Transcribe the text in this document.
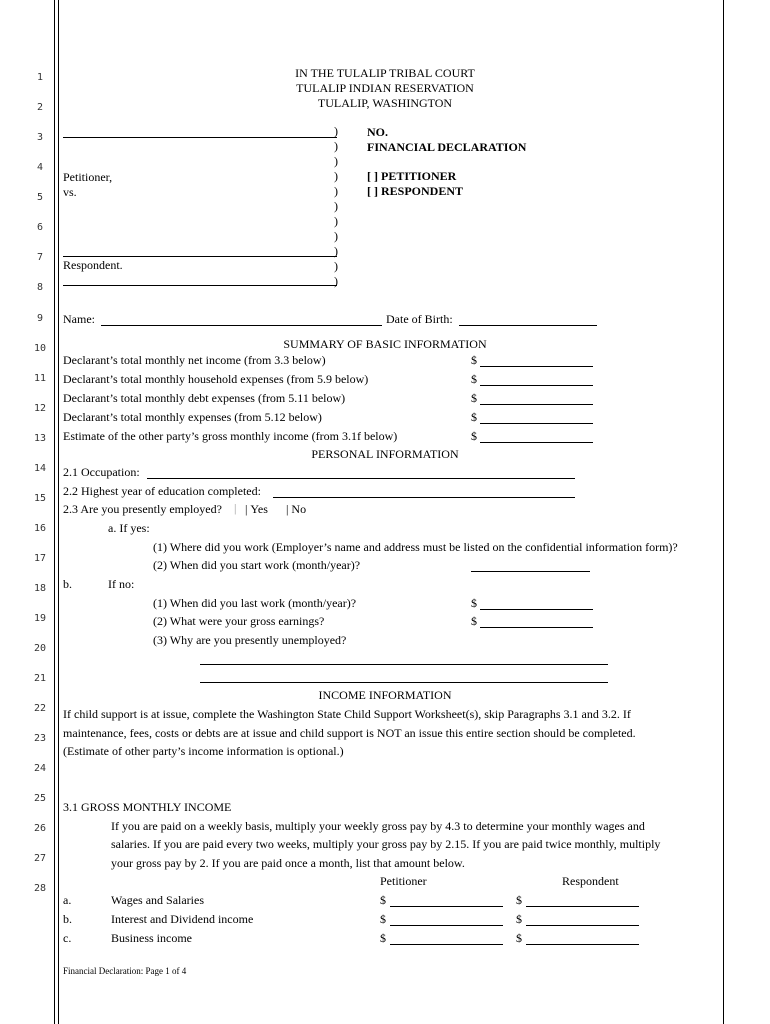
1
2
3
4
5
6
7
8
9
10
11
12
13
14
15
16
17
18
19
20
21
22
23
24
25
26
27
28
IN THE TULALIP TRIBAL COURT
TULALIP INDIAN RESERVATION
TULALIP, WASHINGTON
Petitioner,
vs.
Respondent.
)
)
)
)
)
)
)
)
)
)
)
NO.
FINANCIAL DECLARATION
[ ] PETITIONER
[ ] RESPONDENT
Name:	Date of Birth:
SUMMARY OF BASIC INFORMATION
Declarant’s total monthly net income (from 3.3 below)	$
Declarant’s total monthly household expenses (from 5.9 below)	$
Declarant’s total monthly debt expenses (from 5.11 below)	$
Declarant’s total monthly expenses (from 5.12 below)	$
Estimate of the other party’s gross monthly income (from 3.1f below)	$
PERSONAL INFORMATION
2.1 Occupation:
2.2 Highest year of education completed:
2.3 Are you presently employed? | | Yes | No
a. If yes:
(1) Where did you work (Employer’s name and address must be listed on the confidential information form)?
(2) When did you start work (month/year)?
b.	If no:
(1) When did you last work (month/year)?	$
(2) What were your gross earnings?	$
(3) Why are you presently unemployed?
INCOME INFORMATION
If child support is at issue, complete the Washington State Child Support Worksheet(s), skip Paragraphs 3.1 and 3.2. If
maintenance, fees, costs or debts are at issue and child support is NOT an issue this entire section should be completed.
(Estimate of other party’s income information is optional.)
3.1 GROSS MONTHLY INCOME
If you are paid on a weekly basis, multiply your weekly gross pay by 4.3 to determine your monthly wages and
salaries. If you are paid every two weeks, multiply your gross pay by 2.15. If you are paid twice monthly, multiply
your gross pay by 2. If you are paid once a month, list that amount below.
Petitioner	Respondent
a.	Wages and Salaries	$	$
b.	Interest and Dividend income	$	$
c.	Business income	$	$
Financial Declaration: Page 1 of 4
